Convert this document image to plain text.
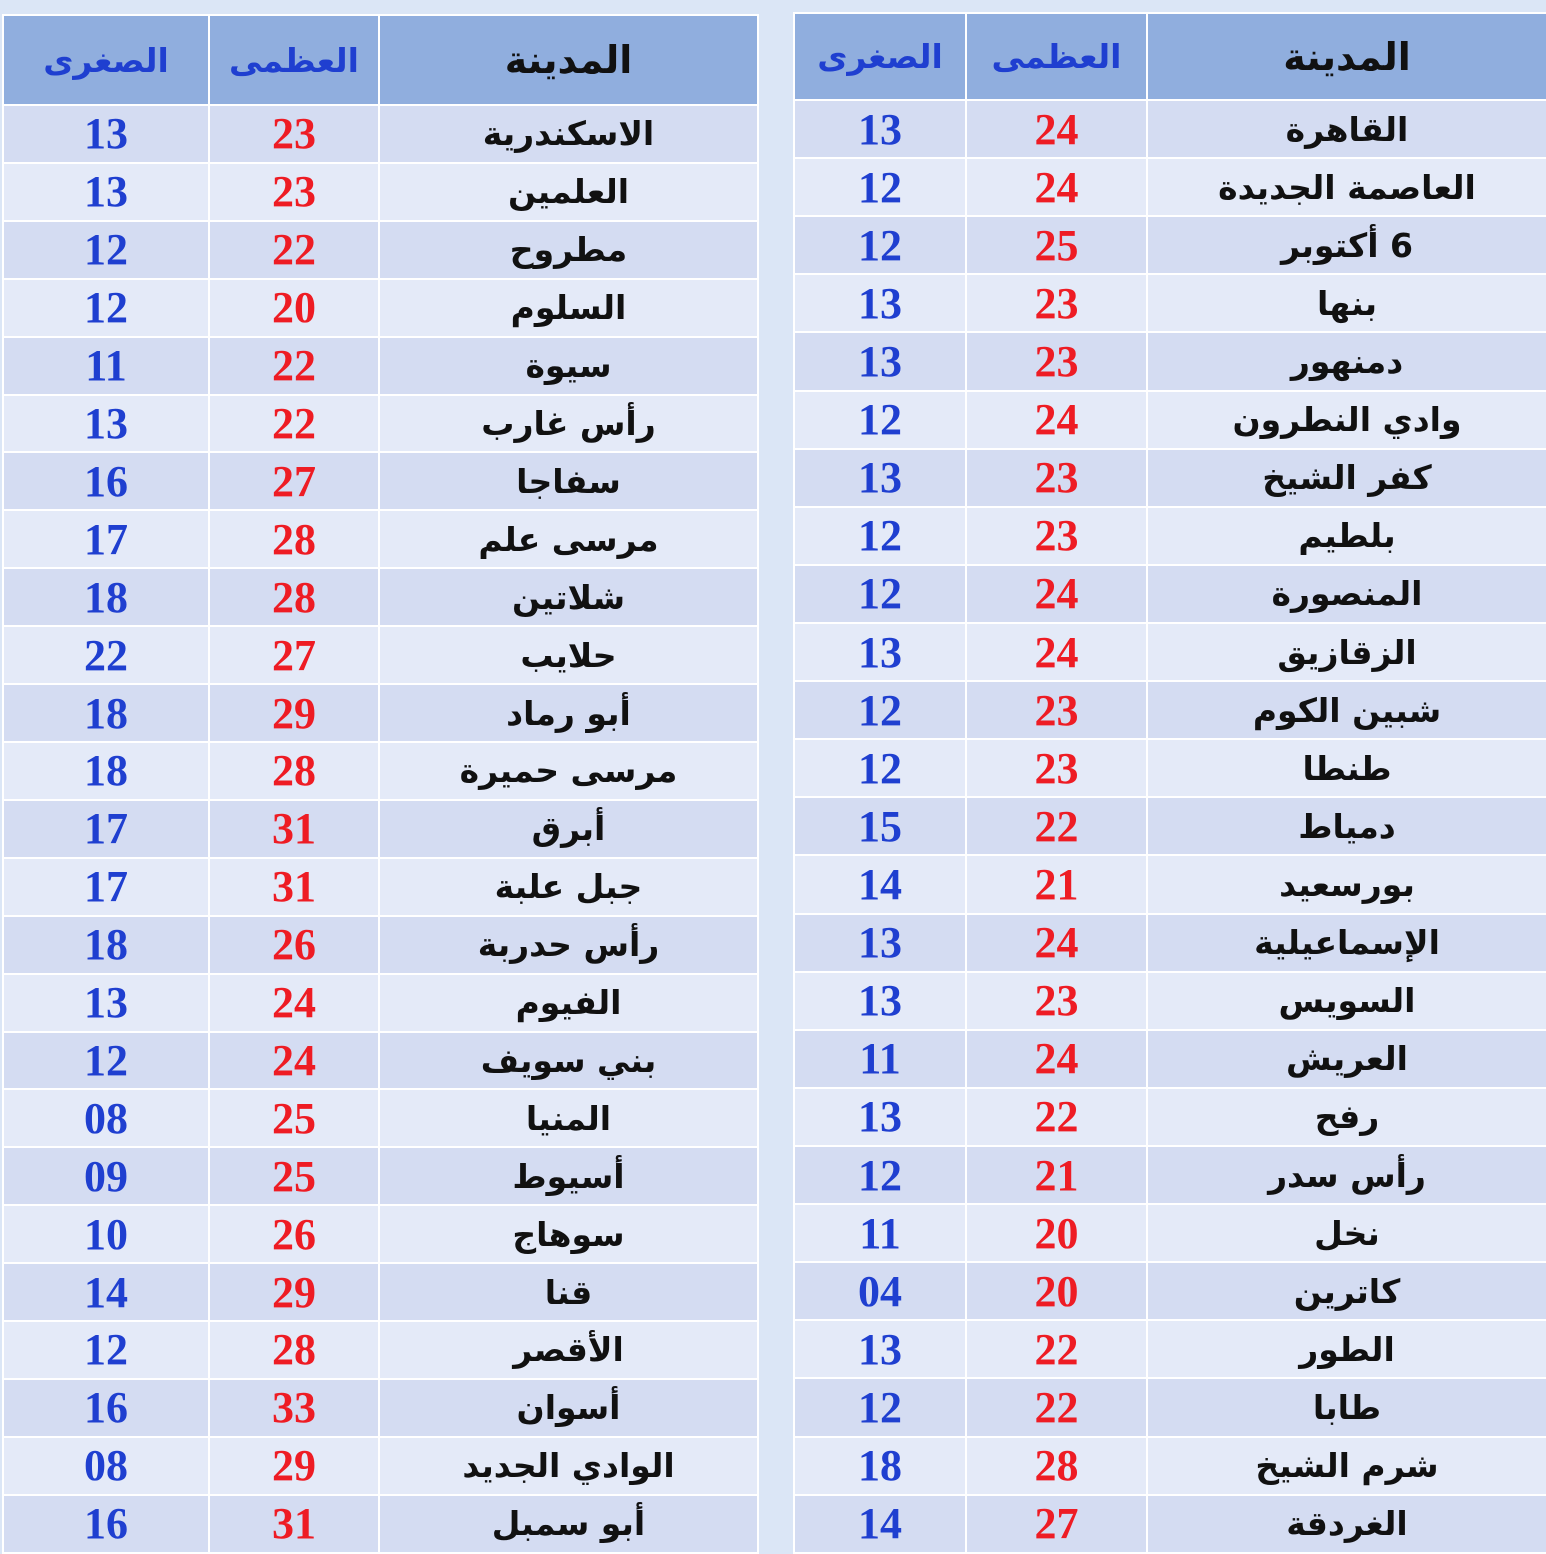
الصغرى	العظمى	المدينة
13	24	القاهرة
12	24	العاصمة الجديدة
12	25	6 أكتوبر
13	23	بنها
13	23	دمنهور
12	24	وادي النطرون
13	23	كفر الشيخ
12	23	بلطيم
12	24	المنصورة
13	24	الزقازيق
12	23	شبين الكوم
12	23	طنطا
15	22	دمياط
14	21	بورسعيد
13	24	الإسماعيلية
13	23	السويس
11	24	العريش
13	22	رفح
12	21	رأس سدر
11	20	نخل
04	20	كاترين
13	22	الطور
12	22	طابا
18	28	شرم الشيخ
14	27	الغردقة
الصغرى	العظمى	المدينة
13	23	الاسكندرية
13	23	العلمين
12	22	مطروح
12	20	السلوم
11	22	سيوة
13	22	رأس غارب
16	27	سفاجا
17	28	مرسى علم
18	28	شلاتين
22	27	حلايب
18	29	أبو رماد
18	28	مرسى حميرة
17	31	أبرق
17	31	جبل علبة
18	26	رأس حدربة
13	24	الفيوم
12	24	بني سويف
08	25	المنيا
09	25	أسيوط
10	26	سوهاج
14	29	قنا
12	28	الأقصر
16	33	أسوان
08	29	الوادي الجديد
16	31	أبو سمبل
